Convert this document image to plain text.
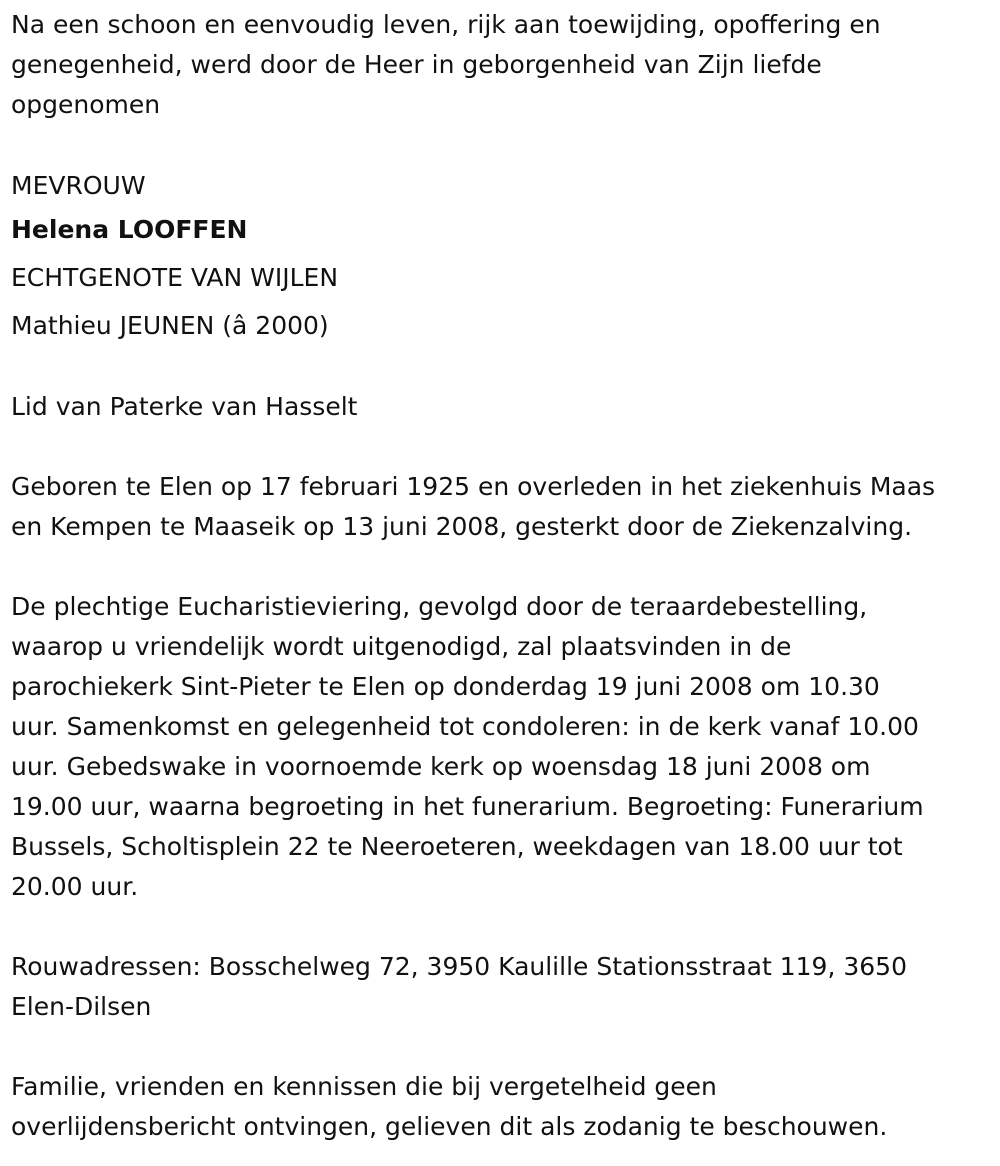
Na een schoon en eenvoudig leven, rijk aan toewijding, opoffering en
genegenheid, werd door de Heer in geborgenheid van Zijn liefde
opgenomen

MEVROUW

Helena LOOFFEN

ECHTGENOTE VAN WIJLEN

Mathieu JEUNEN (â 2000)

Lid van Paterke van Hasselt

Geboren te Elen op 17 februari 1925 en overleden in het ziekenhuis Maas
en Kempen te Maaseik op 13 juni 2008, gesterkt door de Ziekenzalving.

De plechtige Eucharistieviering, gevolgd door de teraardebestelling,
waarop u vriendelijk wordt uitgenodigd, zal plaatsvinden in de
parochiekerk Sint-Pieter te Elen op donderdag 19 juni 2008 om 10.30
uur. Samenkomst en gelegenheid tot condoleren: in de kerk vanaf 10.00
uur. Gebedswake in voornoemde kerk op woensdag 18 juni 2008 om
19.00 uur, waarna begroeting in het funerarium. Begroeting: Funerarium
Bussels, Scholtisplein 22 te Neeroeteren, weekdagen van 18.00 uur tot
20.00 uur.

Rouwadressen: Bosschelweg 72, 3950 Kaulille Stationsstraat 119, 3650
Elen-Dilsen

Familie, vrienden en kennissen die bij vergetelheid geen
overlijdensbericht ontvingen, gelieven dit als zodanig te beschouwen.
